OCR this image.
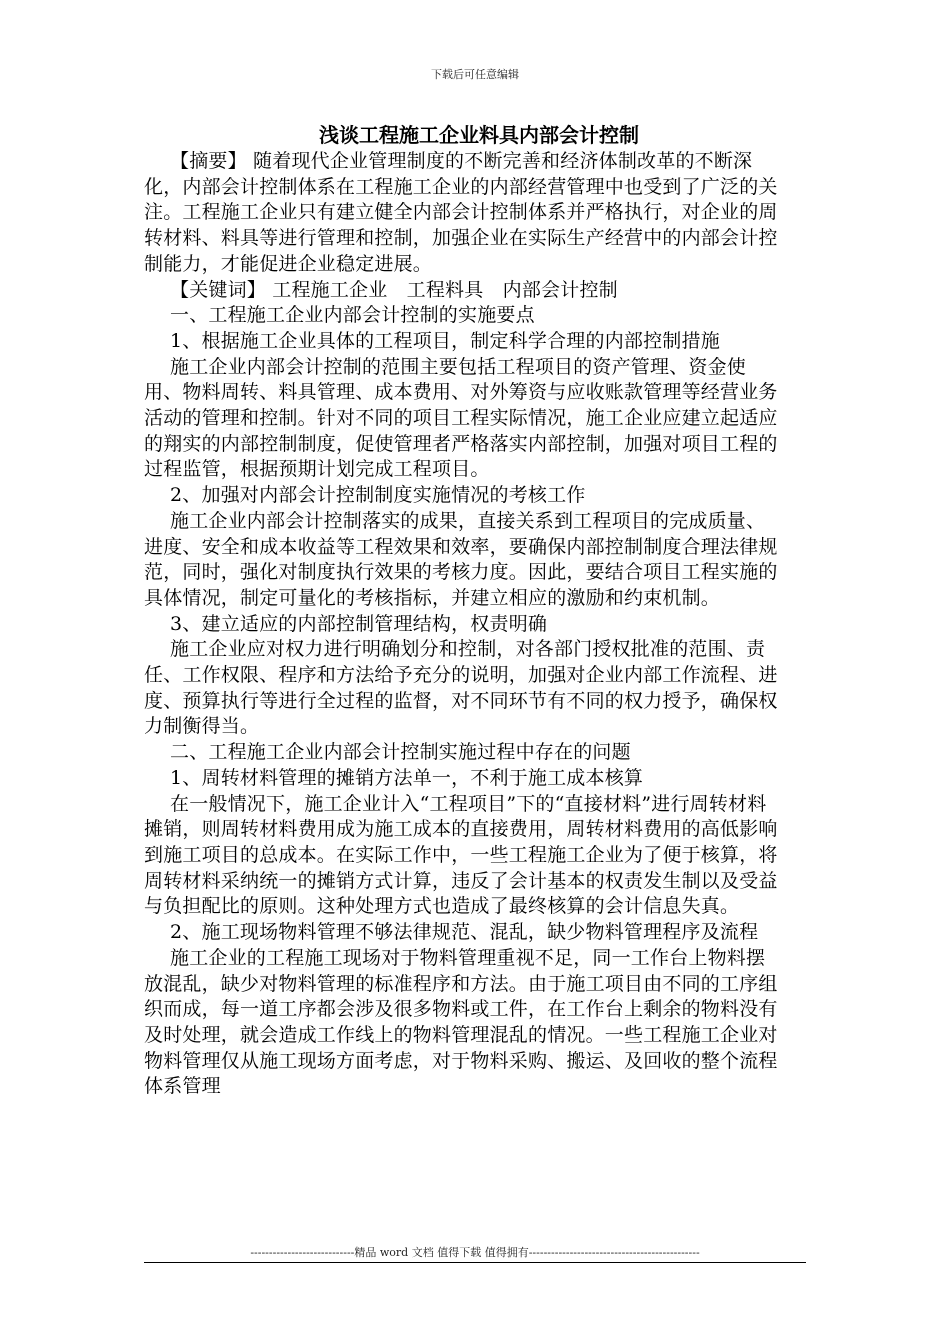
下载后可任意编辑
浅谈工程施工企业料具内部会计控制

【摘要】 随着现代企业管理制度的不断完善和经济体制改革的不断深化，内部会计控制体系在工程施工企业的内部经营管理中也受到了广泛的关注。工程施工企业只有建立健全内部会计控制体系并严格执行，对企业的周转材料、料具等进行管理和控制，加强企业在实际生产经营中的内部会计控制能力，才能促进企业稳定进展。

【关键词】 工程施工企业　工程料具　内部会计控制

一、工程施工企业内部会计控制的实施要点

1、根据施工企业具体的工程项目，制定科学合理的内部控制措施

施工企业内部会计控制的范围主要包括工程项目的资产管理、资金使用、物料周转、料具管理、成本费用、对外筹资与应收账款管理等经营业务活动的管理和控制。针对不同的项目工程实际情况，施工企业应建立起适应的翔实的内部控制制度，促使管理者严格落实内部控制，加强对项目工程的过程监管，根据预期计划完成工程项目。

2、加强对内部会计控制制度实施情况的考核工作

施工企业内部会计控制落实的成果，直接关系到工程项目的完成质量、进度、安全和成本收益等工程效果和效率，要确保内部控制制度合理法律规范，同时，强化对制度执行效果的考核力度。因此，要结合项目工程实施的具体情况，制定可量化的考核指标，并建立相应的激励和约束机制。

3、建立适应的内部控制管理结构，权责明确

施工企业应对权力进行明确划分和控制，对各部门授权批准的范围、责任、工作权限、程序和方法给予充分的说明，加强对企业内部工作流程、进度、预算执行等进行全过程的监督，对不同环节有不同的权力授予，确保权力制衡得当。

二、工程施工企业内部会计控制实施过程中存在的问题

1、周转材料管理的摊销方法单一，不利于施工成本核算

在一般情况下，施工企业计入“工程项目”下的“直接材料”进行周转材料摊销，则周转材料费用成为施工成本的直接费用，周转材料费用的高低影响到施工项目的总成本。在实际工作中，一些工程施工企业为了便于核算，将周转材料采纳统一的摊销方式计算，违反了会计基本的权责发生制以及受益与负担配比的原则。这种处理方式也造成了最终核算的会计信息失真。

2、施工现场物料管理不够法律规范、混乱，缺少物料管理程序及流程

施工企业的工程施工现场对于物料管理重视不足，同一工作台上物料摆放混乱，缺少对物料管理的标准程序和方法。由于施工项目由不同的工序组织而成，每一道工序都会涉及很多物料或工件，在工作台上剩余的物料没有及时处理，就会造成工作线上的物料管理混乱的情况。一些工程施工企业对物料管理仅从施工现场方面考虑，对于物料采购、搬运、及回收的整个流程体系管理

----------------------------精品 word 文档 值得下载 值得拥有----------------------------------------------
